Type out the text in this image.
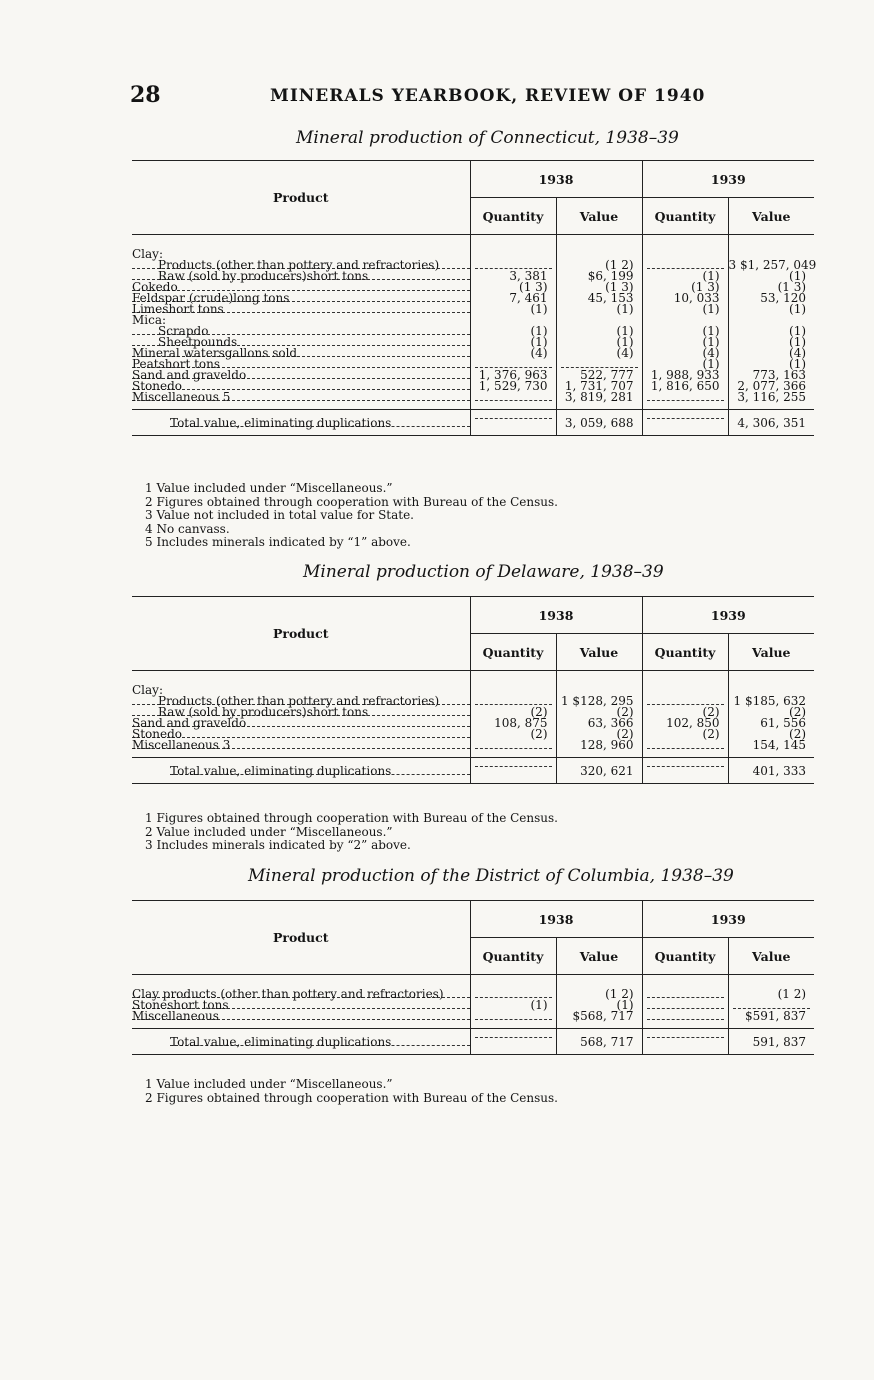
28	MINERALS YEARBOOK, REVIEW OF 1940
Mineral production of Connecticut, 1938–39
Product	1938		1939	
	Quantity	Value	Quantity	Value

Clay:				

Products (other than pottery and refractories)		(1 2)		3 $1, 257, 049

Raw (sold by producers)short tons	3, 381	$6, 199	(1)	(1)

Cokedo	(1 3)	(1 3)	(1 3)	(1 3)

Feldspar (crude)long tons	7, 461	45, 153	10, 033	53, 120

Limeshort tons	(1)	(1)	(1)	(1)

Mica:				

Scrapdo	(1)	(1)	(1)	(1)

Sheetpounds	(1)	(1)	(1)	(1)

Mineral watersgallons sold	(4)	(4)	(4)	(4)

Peatshort tons			(1)	(1)

Sand and graveldo	1, 376, 963	522, 777	1, 988, 933	773, 163

Stonedo	1, 529, 730	1, 731, 707	1, 816, 650	2, 077, 366

Miscellaneous 5		3, 819, 281		3, 116, 255

Total value, eliminating duplications		3, 059, 688		4, 306, 351
1 Value included under “Miscellaneous.”
2 Figures obtained through cooperation with Bureau of the Census.
3 Value not included in total value for State.
4 No canvass.
5 Includes minerals indicated by “1” above.
Mineral production of Delaware, 1938–39
Product	1938		1939	
	Quantity	Value	Quantity	Value

Clay:				

Products (other than pottery and refractories)		1 $128, 295		1 $185, 632

Raw (sold by producers)short tons	(2)	(2)	(2)	(2)

Sand and graveldo	108, 875	63, 366	102, 850	61, 556

Stonedo	(2)	(2)	(2)	(2)

Miscellaneous 3		128, 960		154, 145

Total value, eliminating duplications		320, 621		401, 333
1 Figures obtained through cooperation with Bureau of the Census.
2 Value included under “Miscellaneous.”
3 Includes minerals indicated by “2” above.
Mineral production of the District of Columbia, 1938–39
Product	1938		1939	
	Quantity	Value	Quantity	Value

Clay products (other than pottery and refractories)		(1 2)		(1 2)

Stoneshort tons	(1)	(1)		

Miscellaneous		$568, 717		$591, 837

Total value, eliminating duplications		568, 717		591, 837
1 Value included under “Miscellaneous.”
2 Figures obtained through cooperation with Bureau of the Census.
